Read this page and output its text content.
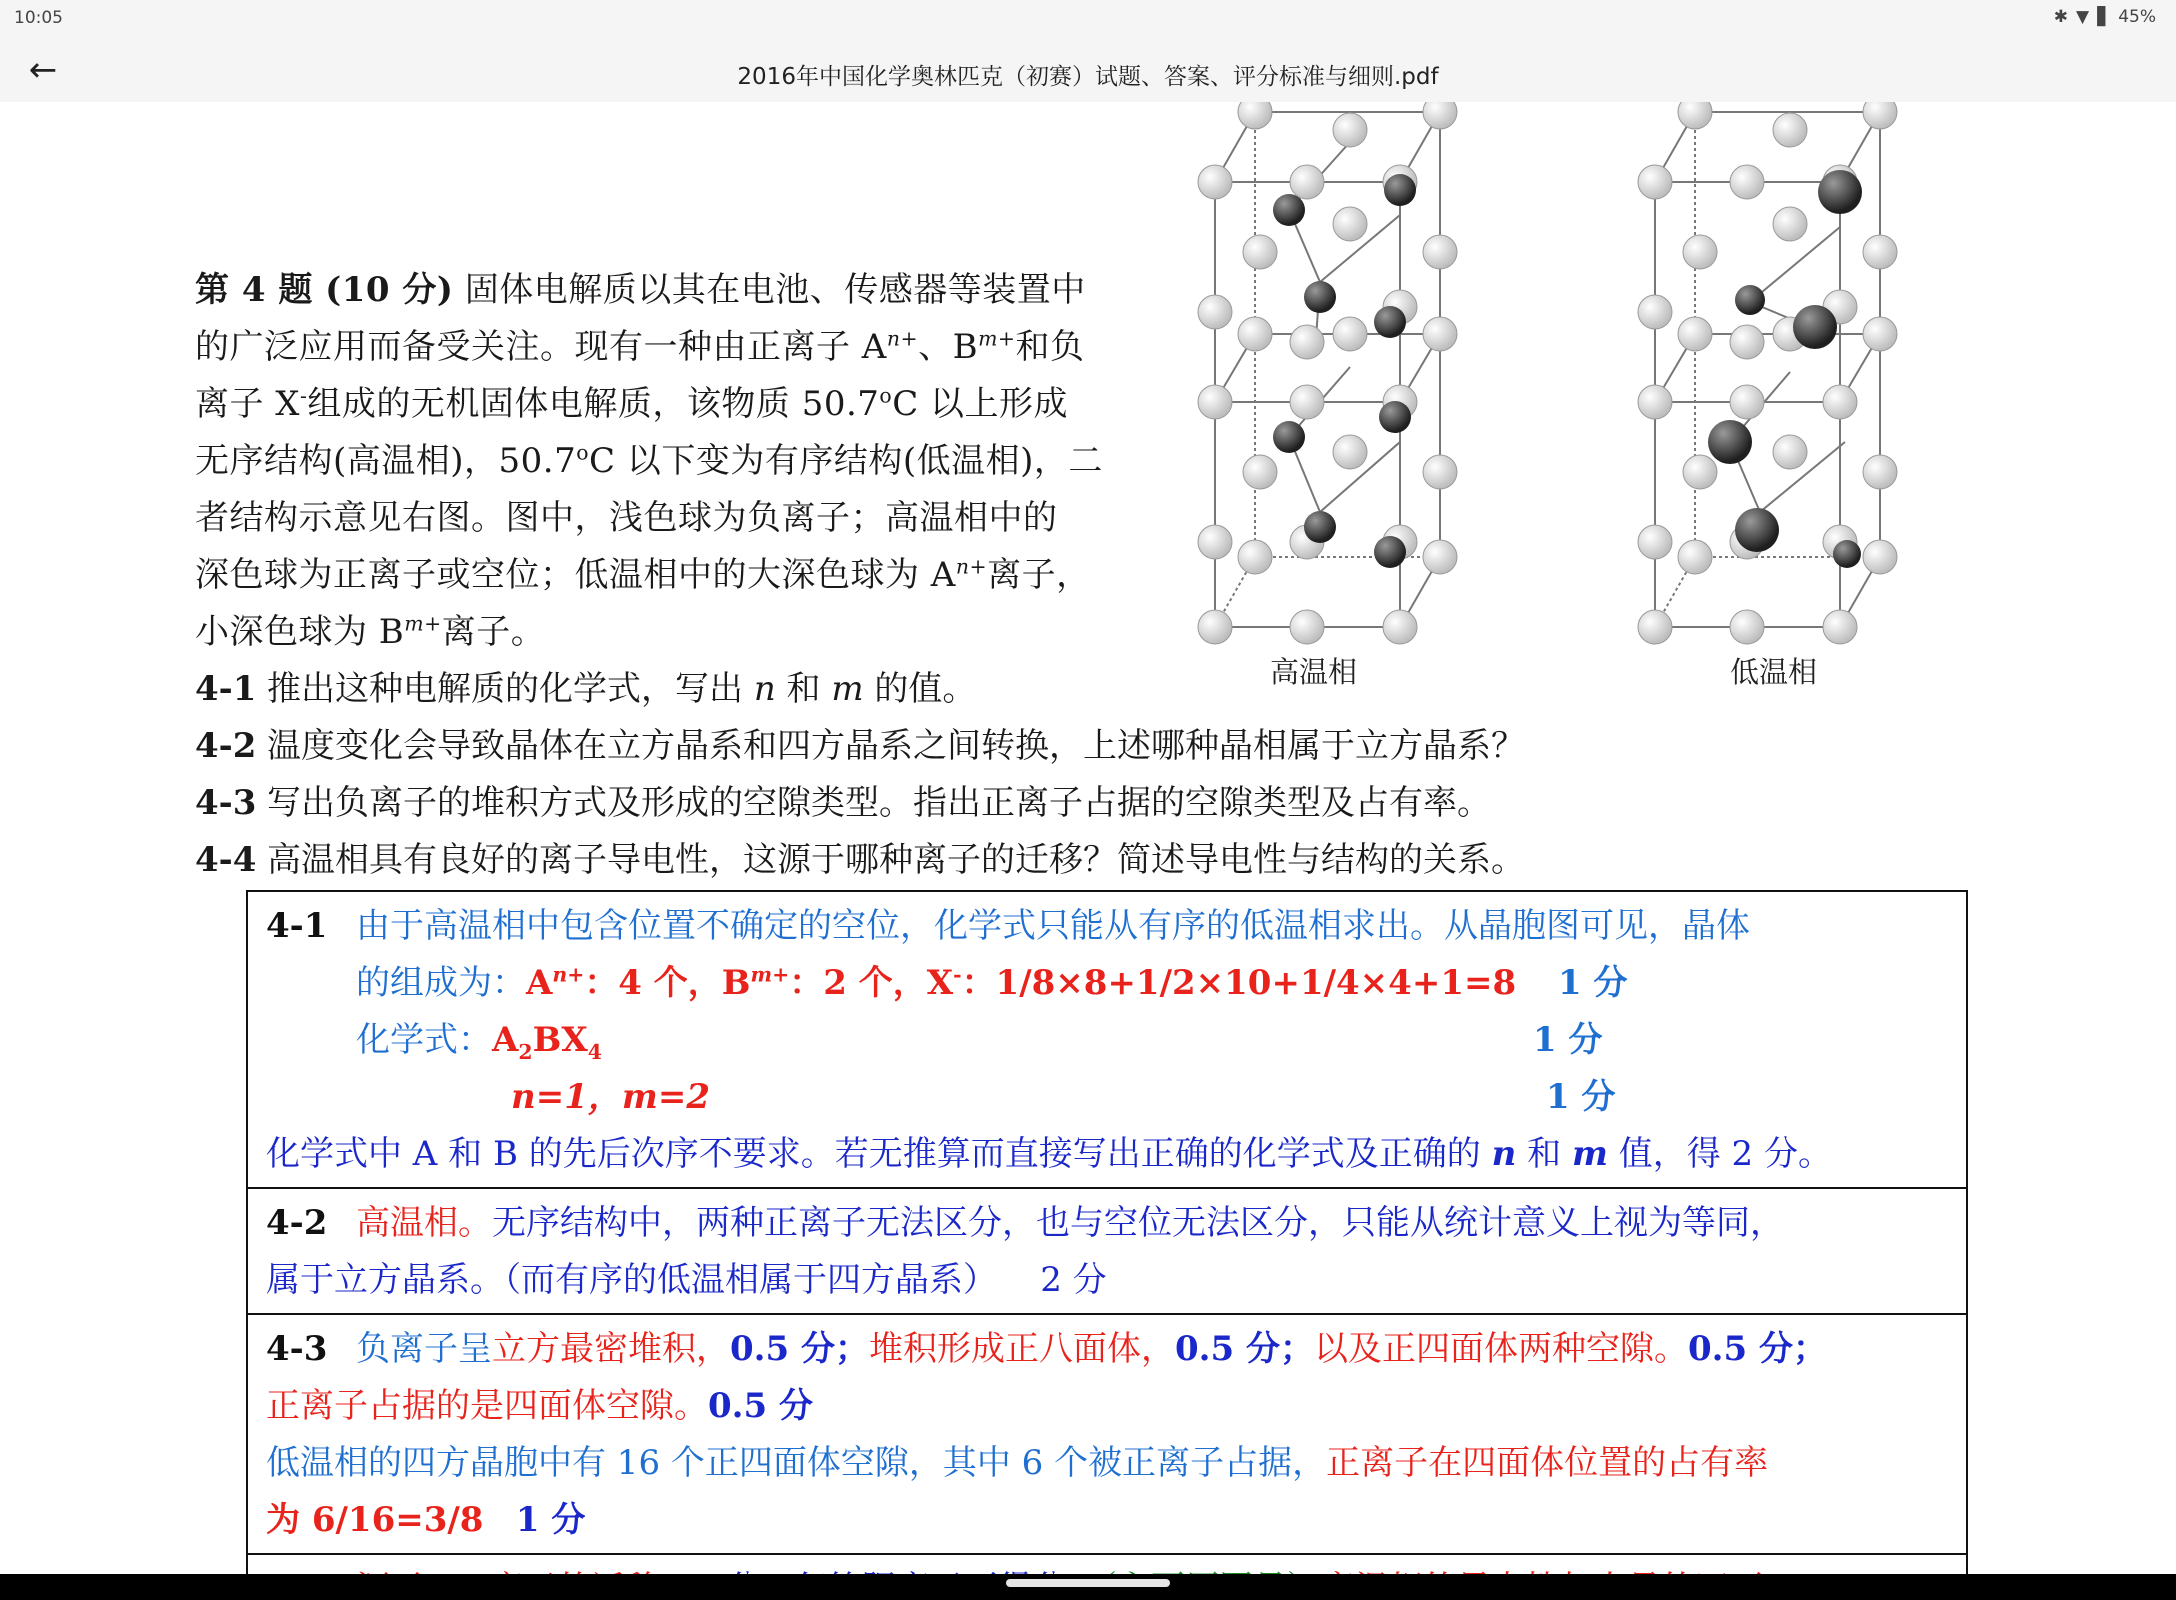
10:05	✱ ▼ ▋ 45%
←	2016年中国化学奥林匹克（初赛）试题、答案、评分标准与细则.pdf
高温相	低温相
第 4 题 (10 分) 固体电解质以其在电池、传感器等装置中
的广泛应用而备受关注。现有一种由正离子 $A^{n+}$、$B^{m+}$和负
离子 X-组成的无机固体电解质，该物质 50.7$^o$C 以上形成
无序结构(高温相)，50.7$^o$C 以下变为有序结构(低温相)，二
者结构示意见右图。图中，浅色球为负离子；高温相中的
深色球为正离子或空位；低温相中的大深色球为 $A^{n+}$离子，
小深色球为 $B^{m+}$离子。
4-1 推出这种电解质的化学式，写出 n 和 m 的值。
4-2 温度变化会导致晶体在立方晶系和四方晶系之间转换，上述哪种晶相属于立方晶系？
4-3 写出负离子的堆积方式及形成的空隙类型。指出正离子占据的空隙类型及占有率。
4-4 高温相具有良好的离子导电性，这源于哪种离子的迁移？简述导电性与结构的关系。
4-1 由于高温相中包含位置不确定的空位，化学式只能从有序的低温相求出。从晶胞图可见，晶体
的组成为：$A^{n+}$：4 个，$B^{m+}$：2 个，X-：1/8×8+1/2×10+1/4×4+1=8 1 分
化学式：$A_2BX_4$	1 分
n=1，m=2	1 分
化学式中 A 和 B 的先后次序不要求。若无推算而直接写出正确的化学式及正确的 n 和 m 值，得 2 分。
4-2 高温相。无序结构中，两种正离子无法区分，也与空位无法区分，只能从统计意义上视为等同，
属于立方晶系。（而有序的低温相属于四方晶系） 2 分
4-3 负离子呈立方最密堆积，0.5 分；堆积形成正八面体，0.5 分；以及正四面体两种空隙。0.5 分；
正离子占据的是四面体空隙。0.5 分
低温相的四方晶胞中有 16 个正四面体空隙，其中 6 个被正离子占据，正离子在四面体位置的占有率
为 6/16=3/8 1 分
